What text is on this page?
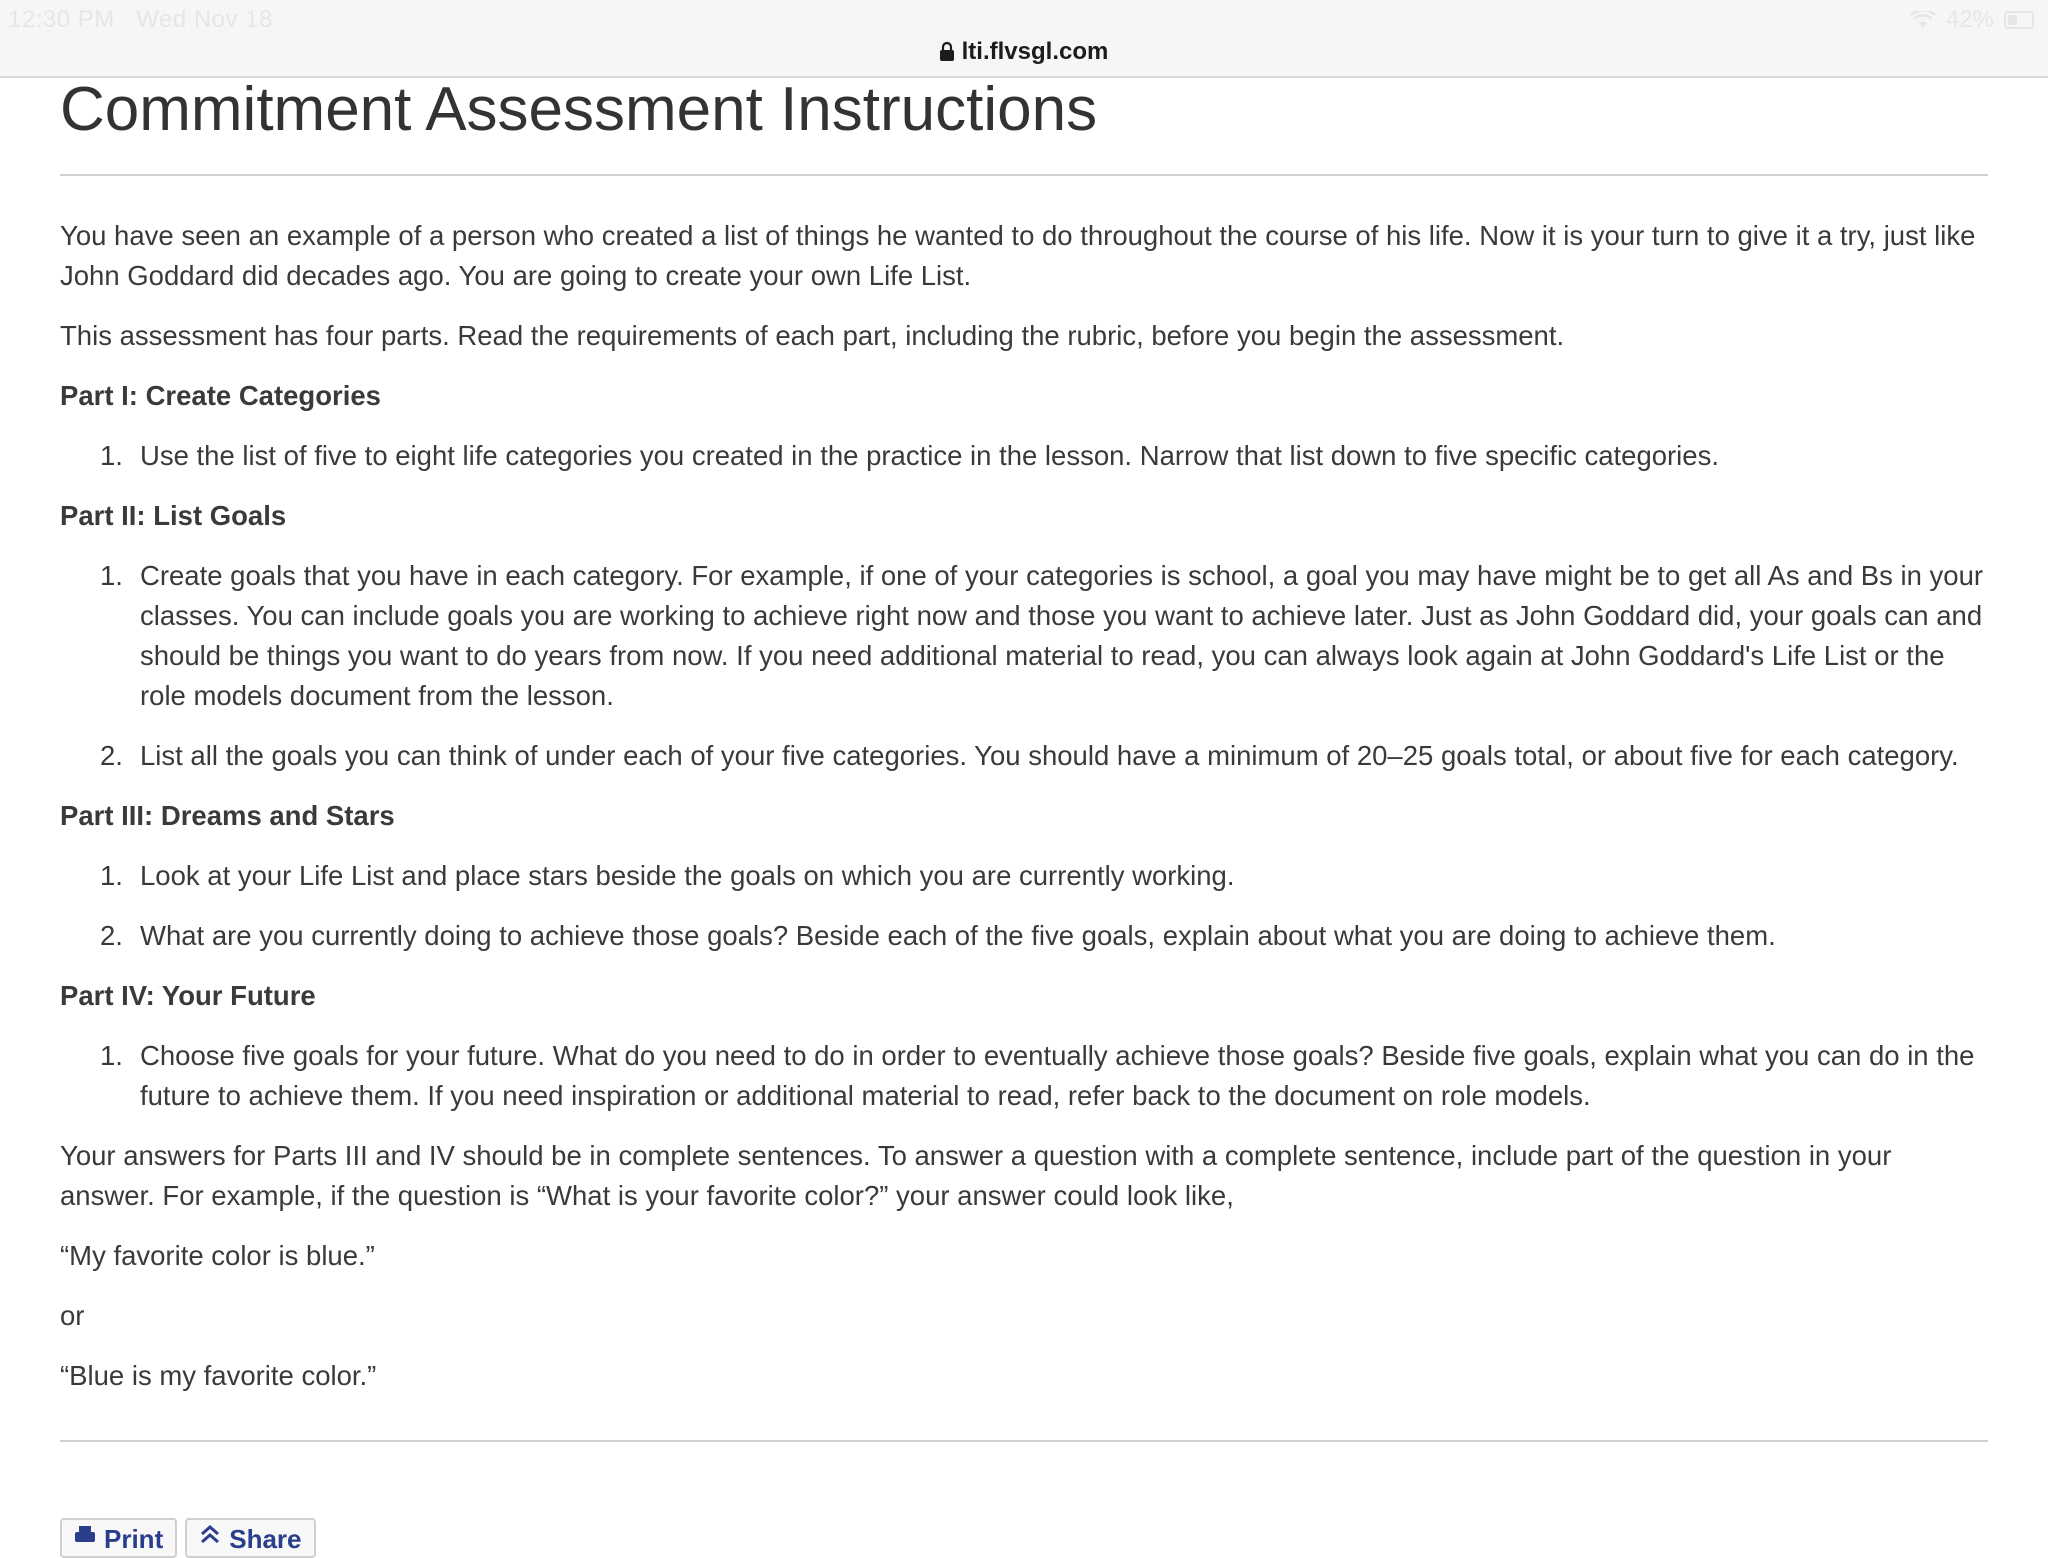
12:30 PM Wed Nov 18	42%
lti.flvsgl.com
Commitment Assessment Instructions

You have seen an example of a person who created a list of things he wanted to do throughout the course of his life. Now it is your turn to give it a try, just like John Goddard did decades ago. You are going to create your own Life List.

This assessment has four parts. Read the requirements of each part, including the rubric, before you begin the assessment.

Part I: Create Categories

1. Use the list of five to eight life categories you created in the practice in the lesson. Narrow that list down to five specific categories.

Part II: List Goals

1. Create goals that you have in each category. For example, if one of your categories is school, a goal you may have might be to get all As and Bs in your classes. You can include goals you are working to achieve right now and those you want to achieve later. Just as John Goddard did, your goals can and should be things you want to do years from now. If you need additional material to read, you can always look again at John Goddard's Life List or the role models document from the lesson.
2. List all the goals you can think of under each of your five categories. You should have a minimum of 20–25 goals total, or about five for each category.

Part III: Dreams and Stars

1. Look at your Life List and place stars beside the goals on which you are currently working.
2. What are you currently doing to achieve those goals? Beside each of the five goals, explain about what you are doing to achieve them.

Part IV: Your Future

1. Choose five goals for your future. What do you need to do in order to eventually achieve those goals? Beside five goals, explain what you can do in the future to achieve them. If you need inspiration or additional material to read, refer back to the document on role models.

Your answers for Parts III and IV should be in complete sentences. To answer a question with a complete sentence, include part of the question in your answer. For example, if the question is “What is your favorite color?” your answer could look like,

“My favorite color is blue.”

or

“Blue is my favorite color.”

Print	Share
